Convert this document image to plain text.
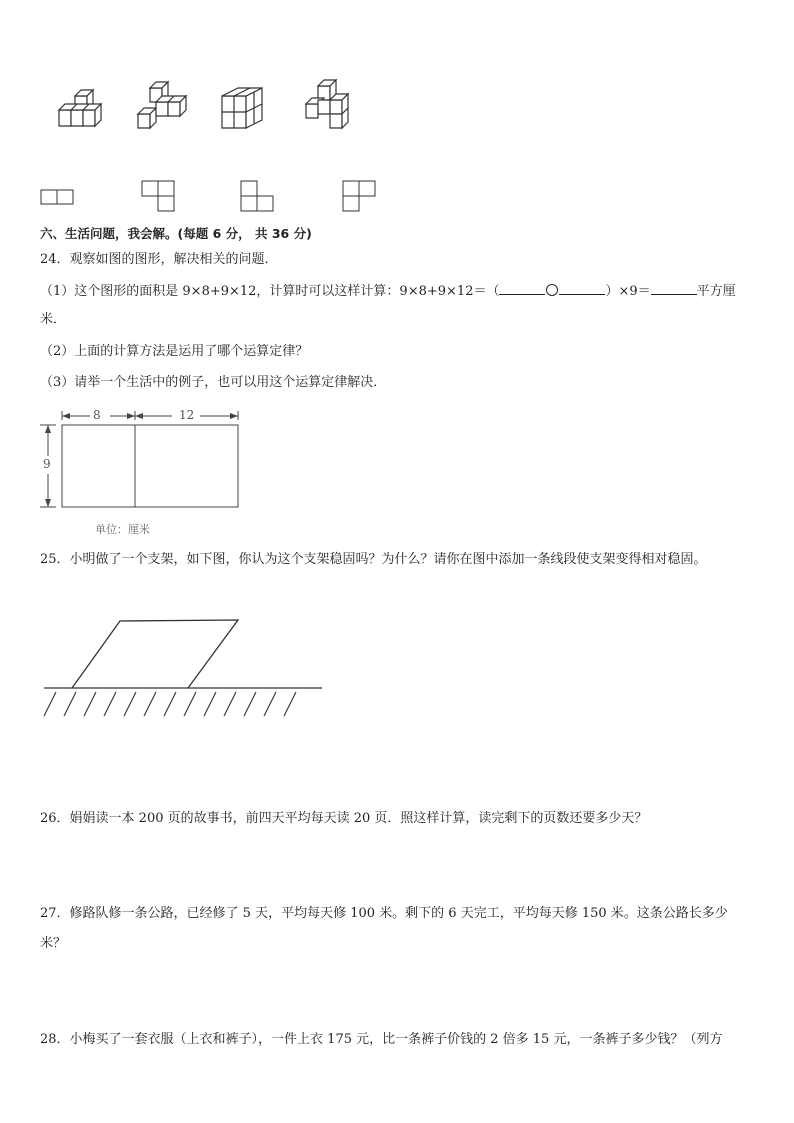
六、生活问题，我会解。(每题 6 分， 共 36 分)
24．观察如图的图形，解决相关的问题．
（1）这个图形的面积是 9×8+9×12，计算时可以这样计算：9×8+9×12＝（	）×9＝	平方厘
米．
（2）上面的计算方法是运用了哪个运算定律？
（3）请举一个生活中的例子，也可以用这个运算定律解决．
8	12
9
单位：厘米
25．小明做了一个支架，如下图，你认为这个支架稳固吗？为什么？请你在图中添加一条线段使支架变得相对稳固。
26．娟娟读一本 200 页的故事书，前四天平均每天读 20 页．照这样计算，读完剩下的页数还要多少天？
27．修路队修一条公路，已经修了 5 天，平均每天修 100 米。剩下的 6 天完工，平均每天修 150 米。这条公路长多少
米？
28．小梅买了一套衣服（上衣和裤子），一件上衣 175 元，比一条裤子价钱的 2 倍多 15 元，一条裤子多少钱？（列方
